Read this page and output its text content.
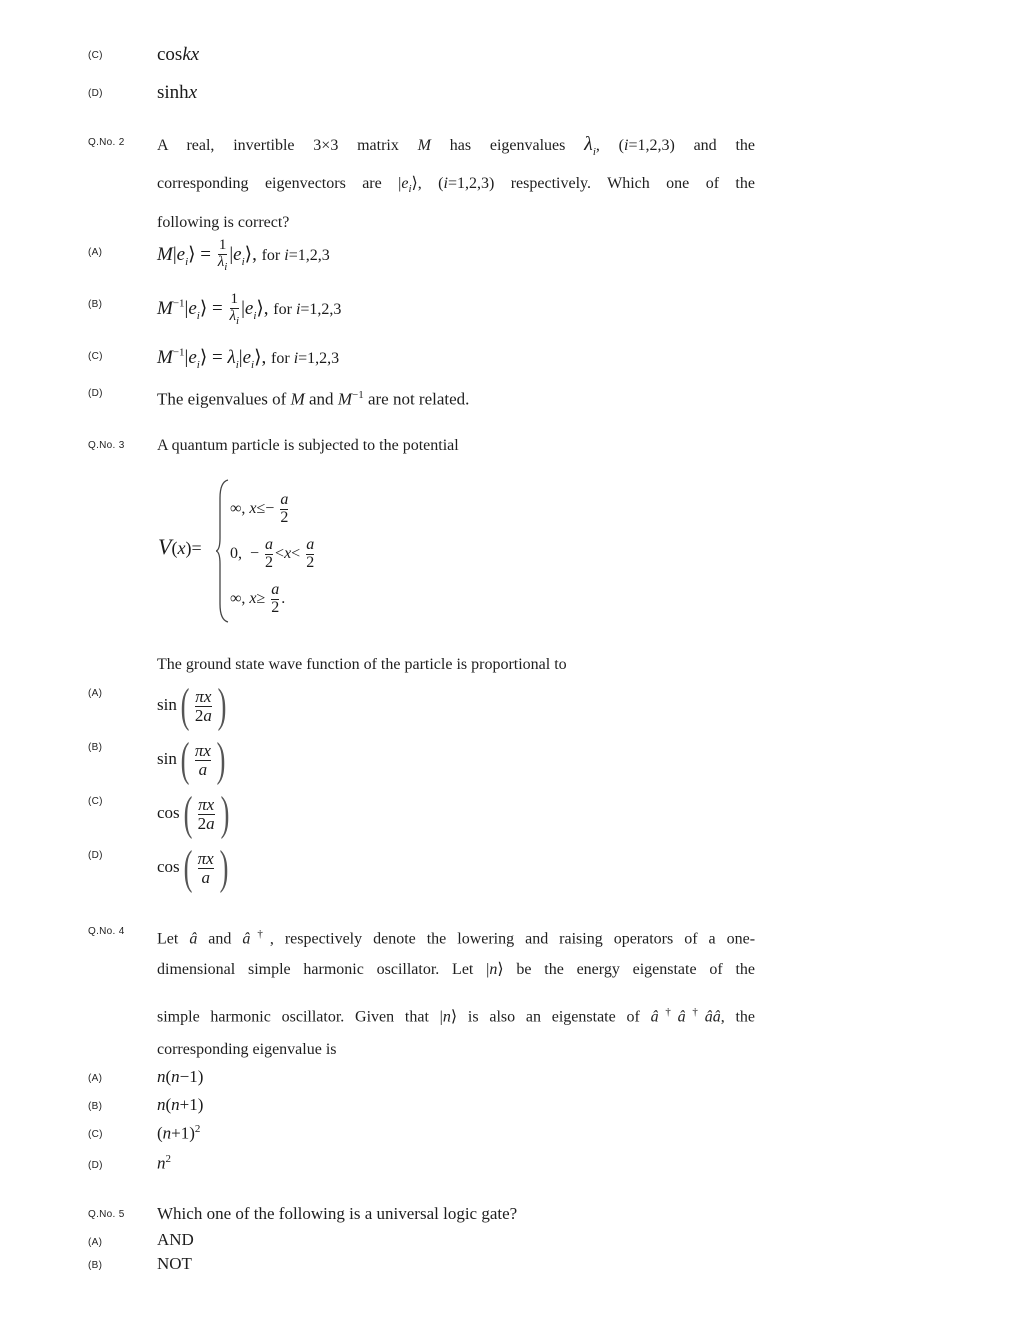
(C)	coskx
(D)	sinhx
Q.No. 2 A real, invertible 3×3 matrix M has eigenvalues $\lambda_i$, (i=1,2,3) and the
corresponding eigenvectors are $|e_i⟩$, (i=1,2,3) respectively. Which one of the
following is correct?
(A)	$M|e_i⟩ = \frac{1}{\lambda_i}$ $|e_i⟩$, for i=1,2,3
(B)	$M^{-1}|e_i⟩ = \frac{1}{\lambda_i}$ $|e_i⟩$, for i=1,2,3
(C)	$M^{-1}|e_i⟩$ = $\lambda_i|e_i⟩$, for i=1,2,3
(D)	The eigenvalues of M and $M^{-1}$ are not related.
Q.No. 3 A quantum particle is subjected to the potential
V(x)=
∞, $x\le- \frac{a}{2}$
0,  − $\frac{a}{2} <x< \frac{a}{2}$
∞, $x\ge \frac{a}{2}$ .
The ground state wave function of the particle is proportional to
(A)
$\sin( \frac{\pi x}{2a}$ )
(B)
$\sin( \frac{\pi x}{a}$ )
(C)
$\cos( \frac{\pi x}{2a}$ )
(D)
$\cos( \frac{\pi x}{a}$ )
Q.No. 4 Let â and â†, respectively denote the lowering and raising operators of a one-
dimensional simple harmonic oscillator. Let |n⟩ be the energy eigenstate of the
simple harmonic oscillator. Given that |n⟩ is also an eigenstate of â†â†ââ, the
corresponding eigenvalue is
(A)	n(n−1)
(B)	n(n+1)
(C)	$(n+1)^2$
(D)	$n^2$
Q.No. 5 Which one of the following is a universal logic gate?
(A)	AND
(B)	NOT
